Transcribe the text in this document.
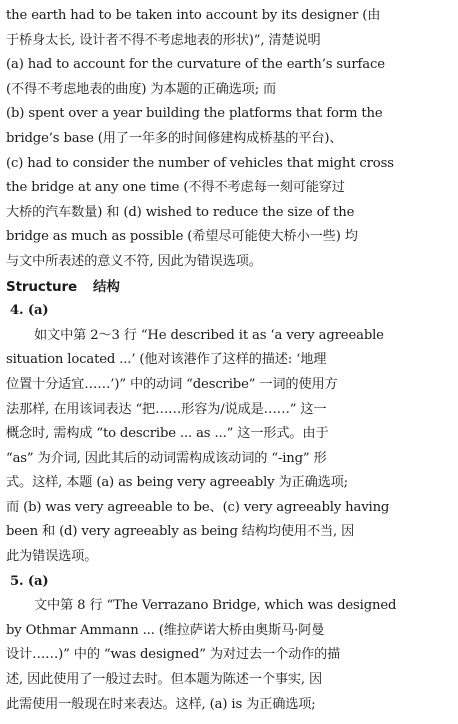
the earth had to be taken into account by its designer (由
于桥身太长, 设计者不得不考虑地表的形状)”, 清楚说明
(a) had to account for the curvature of the earth’s surface
(不得不考虑地表的曲度) 为本题的正确选项; 而
(b) spent over a year building the platforms that form the
bridge’s base (用了一年多的时间修建构成桥基的平台)、
(c) had to consider the number of vehicles that might cross
the bridge at any one time (不得不考虑每一刻可能穿过
大桥的汽车数量) 和 (d) wished to reduce the size of the
bridge as much as possible (希望尽可能使大桥小一些) 均
与文中所表述的意义不符, 因此为错误选项。
Structure 结构
4. (a)
如文中第 2～3 行 “He described it as ‘a very agreeable
situation located ...’ (他对该港作了这样的描述: ‘地理
位置十分适宜……’)” 中的动词 “describe” 一词的使用方
法那样, 在用该词表达 “把……形容为/说成是……” 这一
概念时, 需构成 “to describe ... as ...” 这一形式。由于
“as” 为介词, 因此其后的动词需构成该动词的 “-ing” 形
式。这样, 本题 (a) as being very agreeably 为正确选项;
而 (b) was very agreeable to be、(c) very agreeably having
been 和 (d) very agreeably as being 结构均使用不当, 因
此为错误选项。
5. (a)
文中第 8 行 “The Verrazano Bridge, which was designed
by Othmar Ammann ... (维拉萨诺大桥由奥斯马·阿曼
设计……)” 中的 “was designed” 为对过去一个动作的描
述, 因此使用了一般过去时。但本题为陈述一个事实, 因
此需使用一般现在时来表达。这样, (a) is 为正确选项;
